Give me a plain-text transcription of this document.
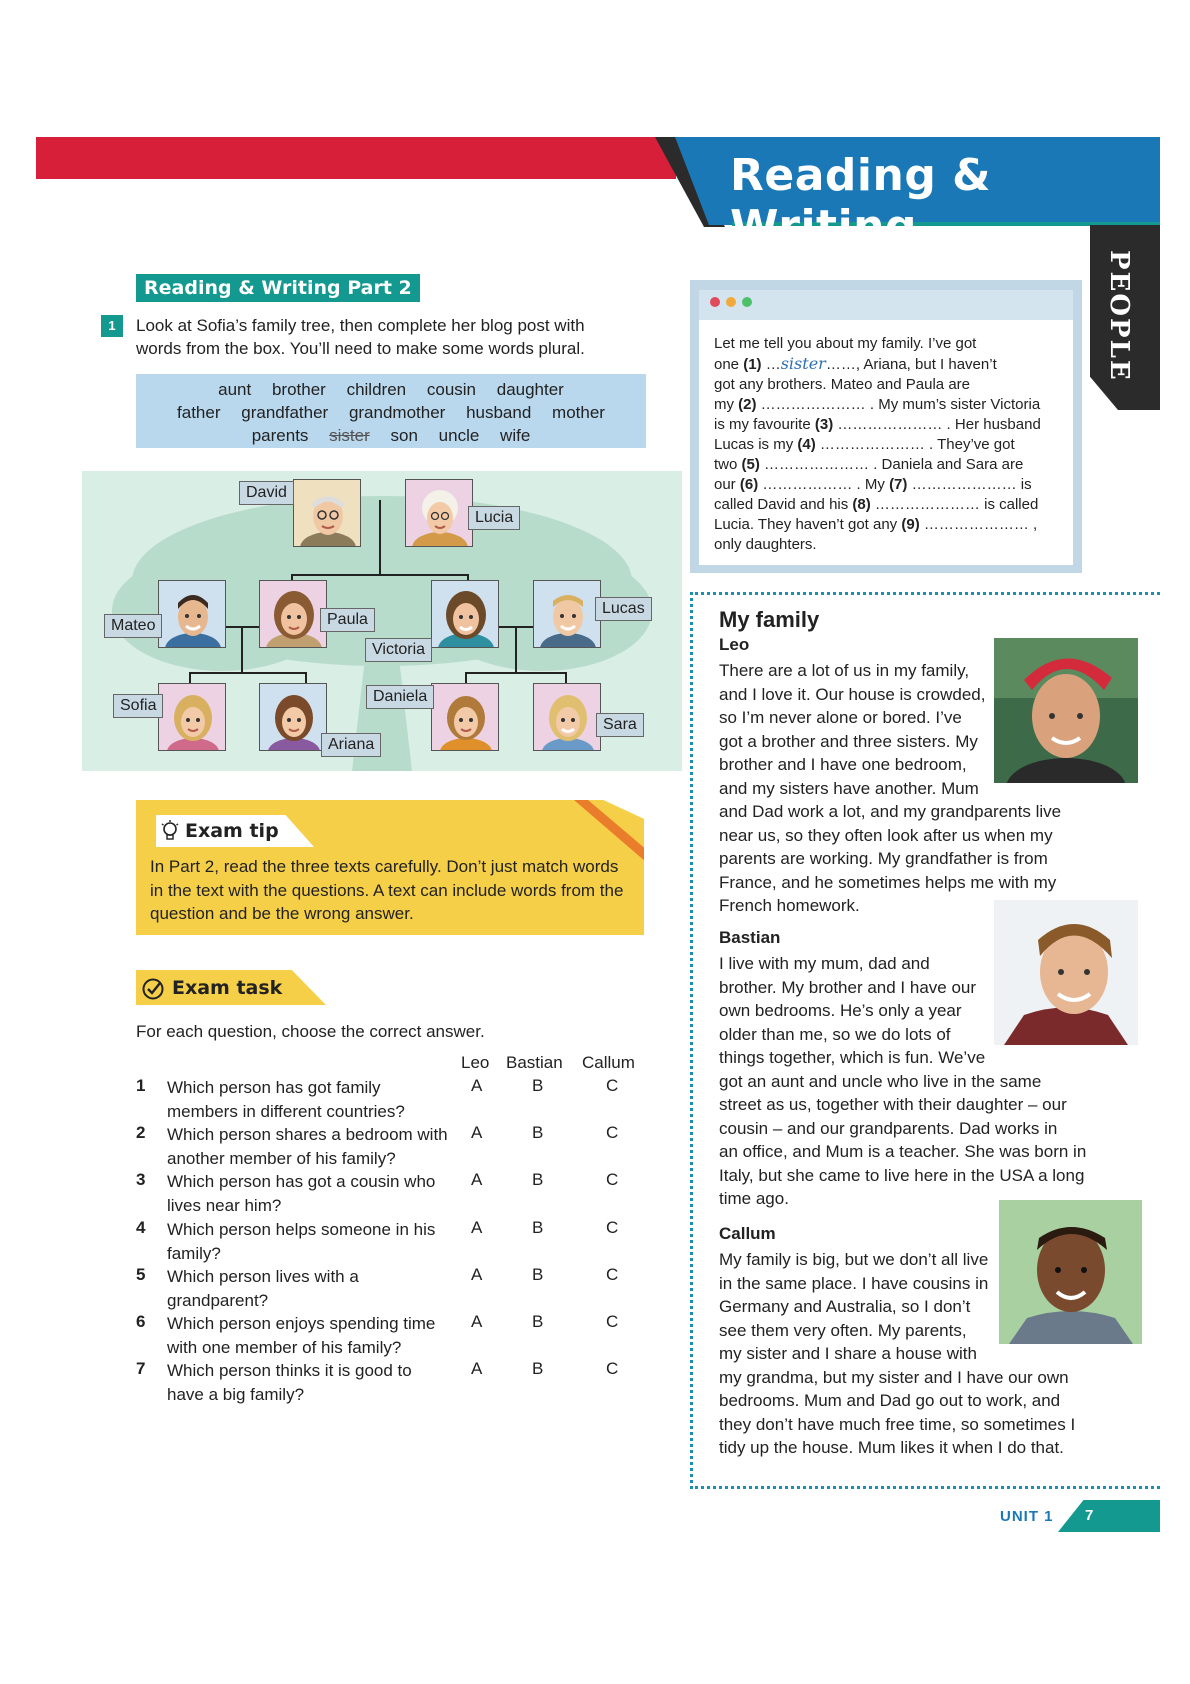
Reading & Writing
PEOPLE
Reading & Writing Part 2
1	Look at Sofia’s family tree, then complete her blog post with words from the box. You’ll need to make some words plural.
aunt brother children cousin daughter
father grandfather grandmother husband mother
parents sister son uncle wife
David
Lucia
Mateo	Paula
Victoria
Lucas
Sofia
Ariana
Daniela
Sara
Exam tip
In Part 2, read the three texts carefully. Don’t just match words in the text with the questions. A text can include words from the question and be the wrong answer.
Exam task
For each question, choose the correct answer.
Leo Bastian Callum
1 Which person has got family
members in different countries?
A	B	C
2 Which person shares a bedroom with
another member of his family?
A	B	C
3 Which person has got a cousin who
lives near him?
A	B	C
4 Which person helps someone in his
family?
A	B	C
5 Which person lives with a
grandparent?
A	B	C
6 Which person enjoys spending time
with one member of his family?
A	B	C
7 Which person thinks it is good to
have a big family?
A	B	C
Let me tell you about my family. I’ve got
one (1) …sister……, Ariana, but I haven’t
got any brothers. Mateo and Paula are
my (2) ………………… . My mum’s sister Victoria
is my favourite (3) ………………… . Her husband
Lucas is my (4) ………………… . They’ve got
two (5) ………………… . Daniela and Sara are
our (6) ……………… . My (7) ………………… is
called David and his (8) ………………… is called
Lucia. They haven’t got any (9) ………………… ,
only daughters.
My family
Leo
There are a lot of us in my family,
and I love it. Our house is crowded,
so I’m never alone or bored. I’ve
got a brother and three sisters. My
brother and I have one bedroom,
and my sisters have another. Mum
and Dad work a lot, and my grandparents live
near us, so they often look after us when my
parents are working. My grandfather is from
France, and he sometimes helps me with my
French homework.
Bastian
I live with my mum, dad and
brother. My brother and I have our
own bedrooms. He’s only a year
older than me, so we do lots of
things together, which is fun. We’ve
got an aunt and uncle who live in the same
street as us, together with their daughter – our
cousin – and our grandparents. Dad works in
an office, and Mum is a teacher. She was born in
Italy, but she came to live here in the USA a long
time ago.
Callum
My family is big, but we don’t all live
in the same place. I have cousins in
Germany and Australia, so I don’t
see them very often. My parents,
my sister and I share a house with
my grandma, but my sister and I have our own
bedrooms. Mum and Dad go out to work, and
they don’t have much free time, so sometimes I
tidy up the house. Mum likes it when I do that.
UNIT 1 7
